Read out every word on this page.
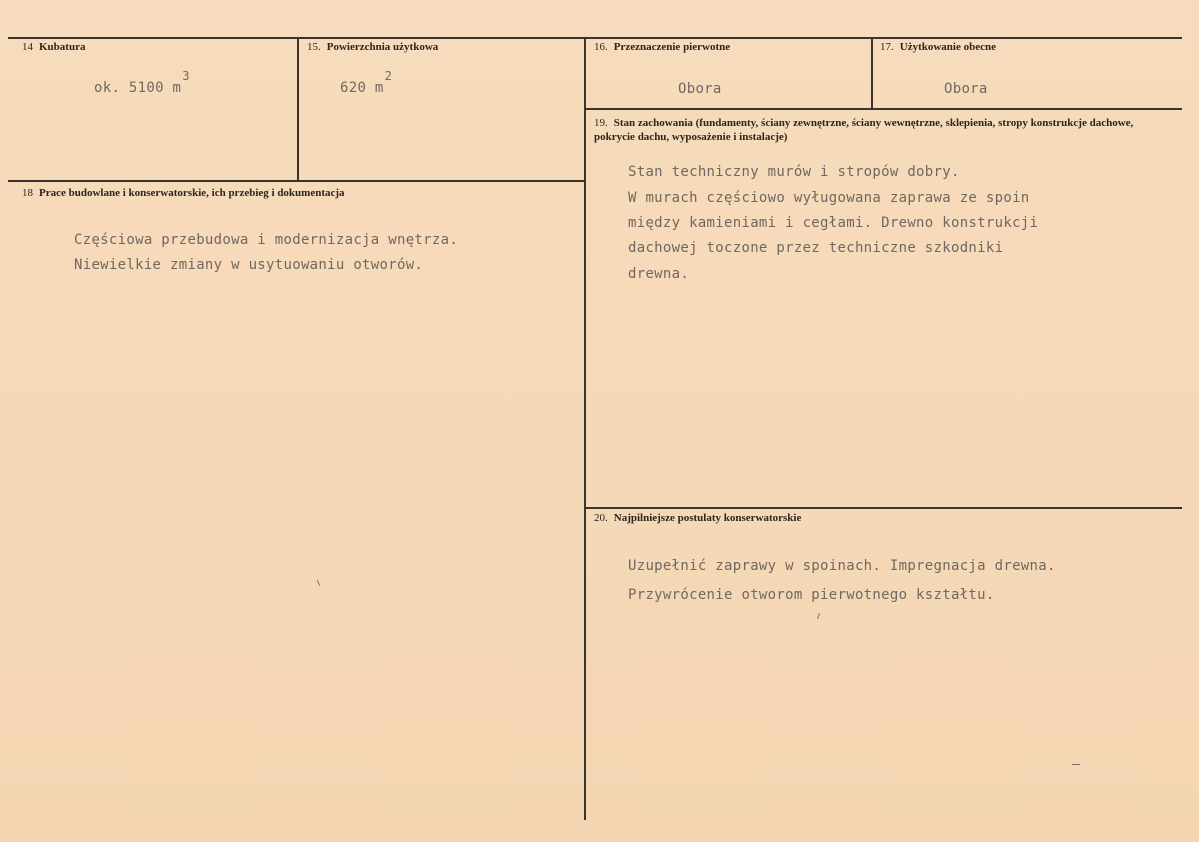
14 Kubatura
ok. 5100 m3
15. Powierzchnia użytkowa
620 m2
16. Przeznaczenie pierwotne
Obora
17. Użytkowanie obecne
Obora
18 Prace budowlane i konserwatorskie, ich przebieg i dokumentacja
Częściowa przebudowa i modernizacja wnętrza.
Niewielkie zmiany w usytuowaniu otworów.
19. Stan zachowania (fundamenty, ściany zewnętrzne, ściany wewnętrzne, sklepienia, stropy konstrukcje dachowe, pokrycie dachu, wyposażenie i instalacje)
Stan techniczny murów i stropów dobry.
W murach częściowo wyługowana zaprawa ze spoin
między kamieniami i cegłami. Drewno konstrukcji
dachowej toczone przez techniczne szkodniki
drewna.
20. Najpilniejsze postulaty konserwatorskie
Uzupełnić zaprawy w spoinach. Impregnacja drewna.
Przywrócenie otworom pierwotnego kształtu.
